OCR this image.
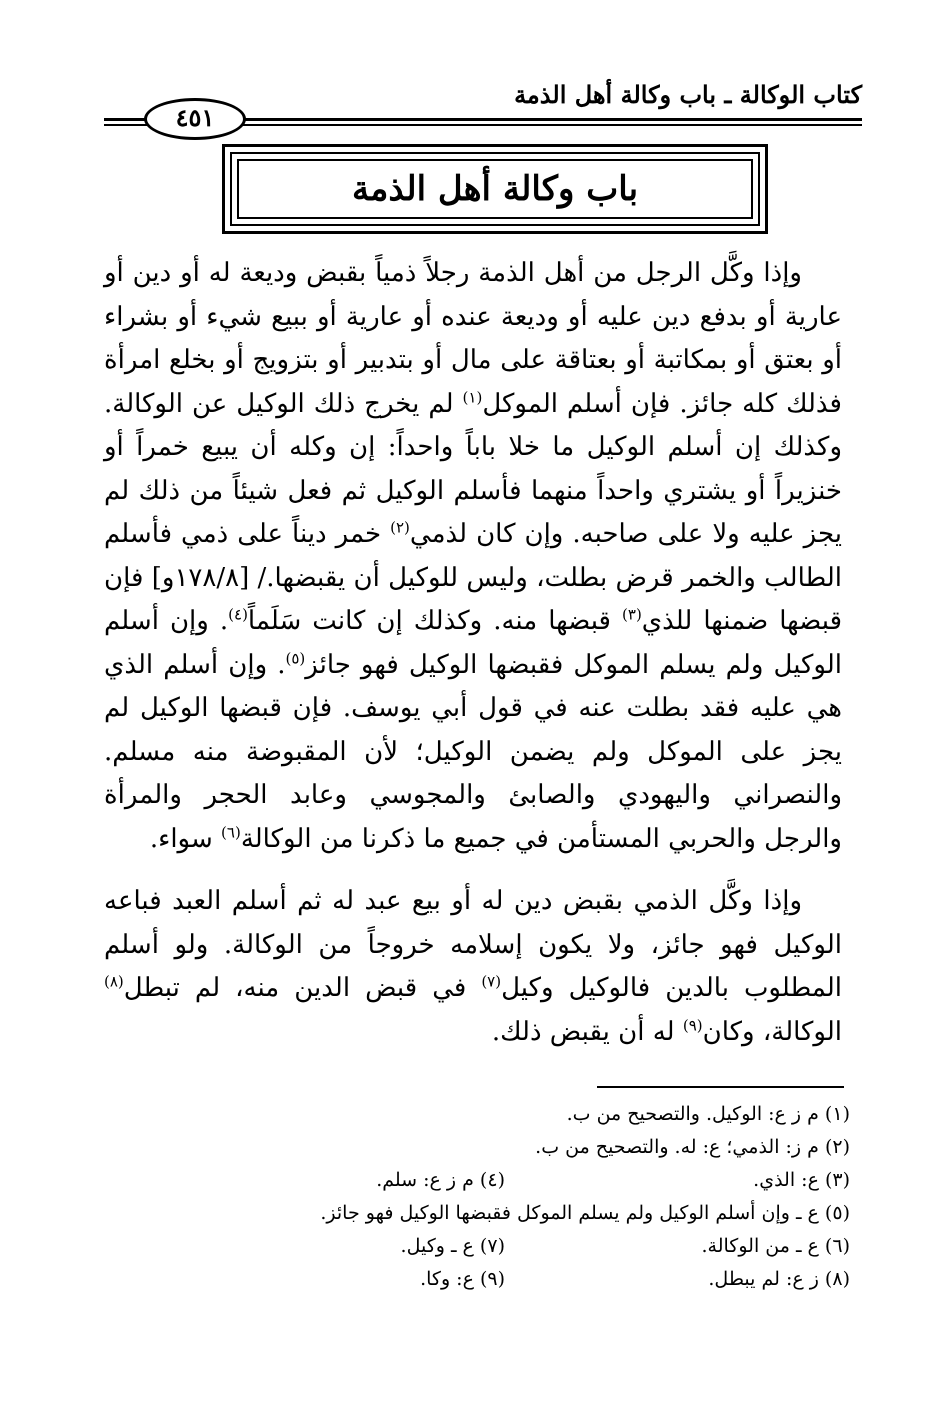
كتاب الوكالة ـ باب وكالة أهل الذمة
٤٥١
باب وكالة أهل الذمة

وإذا وكَّل الرجل من أهل الذمة رجلاً ذمياً بقبض وديعة له أو دين أو عارية أو بدفع دين عليه أو وديعة عنده أو عارية أو ببيع شيء أو بشراء أو بعتق أو بمكاتبة أو بعتاقة على مال أو بتدبير أو بتزويج أو بخلع امرأة فذلك كله جائز. فإن أسلم الموكل$^{(١)}$ لم يخرج ذلك الوكيل عن الوكالة. وكذلك إن أسلم الوكيل ما خلا باباً واحداً: إن وكله أن يبيع خمراً أو خنزيراً أو يشتري واحداً منهما فأسلم الوكيل ثم فعل شيئاً من ذلك لم يجز عليه ولا على صاحبه. وإن كان لذمي$^{(٢)}$ خمر ديناً على ذمي فأسلم الطالب والخمر قرض بطلت، وليس للوكيل أن يقبضها./ [١٧٨/٨و] فإن قبضها ضمنها للذي$^{(٣)}$ قبضها منه. وكذلك إن كانت سَلَماً$^{(٤)}$. وإن أسلم الوكيل ولم يسلم الموكل فقبضها الوكيل فهو جائز$^{(٥)}$. وإن أسلم الذي هي عليه فقد بطلت عنه في قول أبي يوسف. فإن قبضها الوكيل لم يجز على الموكل ولم يضمن الوكيل؛ لأن المقبوضة منه مسلم. والنصراني واليهودي والصابئ والمجوسي وعابد الحجر والمرأة والرجل والحربي المستأمن في جميع ما ذكرنا من الوكالة$^{(٦)}$ سواء.

وإذا وكَّل الذمي بقبض دين له أو بيع عبد له ثم أسلم العبد فباعه الوكيل فهو جائز، ولا يكون إسلامه خروجاً من الوكالة. ولو أسلم المطلوب بالدين فالوكيل وكيل$^{(٧)}$ في قبض الدين منه، لم تبطل$^{(٨)}$ الوكالة، وكان$^{(٩)}$ له أن يقبض ذلك.

(١) م ز ع: الوكيل. والتصحيح من ب.
(٢) م ز: الذمي؛ ع: له. والتصحيح من ب.
(٣) ع: الذي.
(٤) م ز ع: سلم.
(٥) ع ـ وإن أسلم الوكيل ولم يسلم الموكل فقبضها الوكيل فهو جائز.
(٦) ع ـ من الوكالة.
(٧) ع ـ وكيل.
(٨) ز ع: لم يبطل.
(٩) ع: وكا.
